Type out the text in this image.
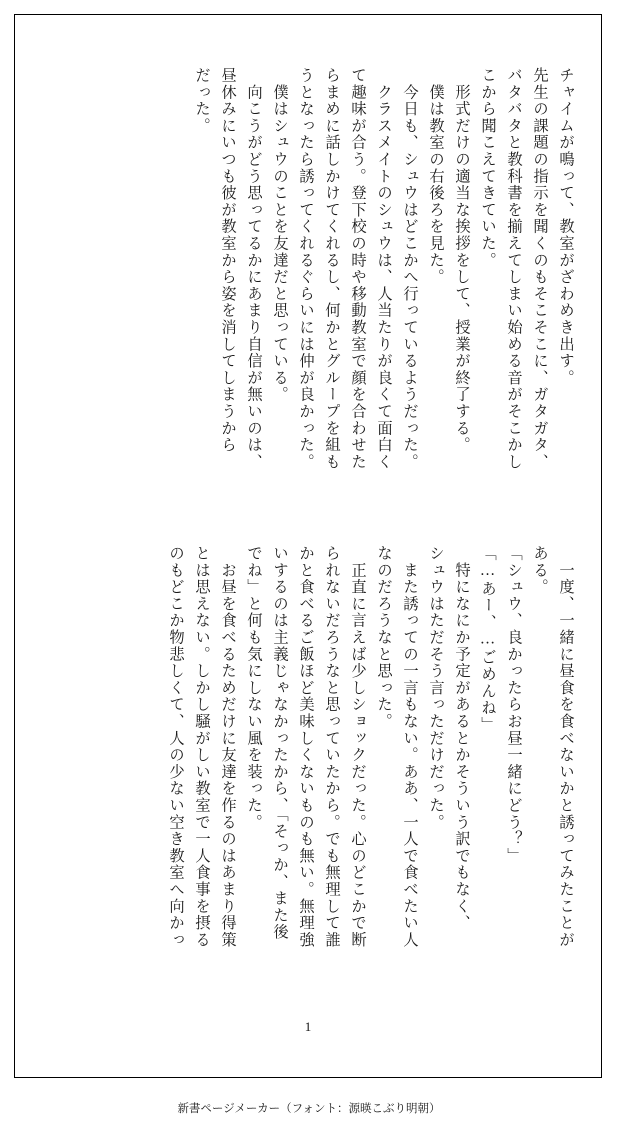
チャイムが鳴って、教室がざわめき出す。
先生の課題の指示を聞くのもそこそこに、ガタガタ、
バタバタと教科書を揃えてしまい始める音がそこかし
こから聞こえてきていた。
　形式だけの適当な挨拶をして、授業が終了する。
　僕は教室の右後ろを見た。
　今日も、シュウはどこかへ行っているようだった。
　クラスメイトのシュウは、人当たりが良くて面白く
て趣味が合う。登下校の時や移動教室で顔を合わせた
らまめに話しかけてくれるし、何かとグループを組も
うとなったら誘ってくれるぐらいには仲が良かった。
　僕はシュウのことを友達だと思っている。
　向こうがどう思ってるかにあまり自信が無いのは、
昼休みにいつも彼が教室から姿を消してしまうから
だった。
　一度、一緒に昼食を食べないかと誘ってみたことが
ある。
「シュウ、良かったらお昼一緒にどう？」
「…あー、…ごめんね」
　特になにか予定があるとかそういう訳でもなく、
シュウはただそう言っただけだった。
　また誘っての一言もない。ああ、一人で食べたい人
なのだろうなと思った。
　正直に言えば少しショックだった。心のどこかで断
られないだろうなと思っていたから。でも無理して誰
かと食べるご飯ほど美味しくないものも無い。無理強
いするのは主義じゃなかったから、「そっか、また後
でね」と何も気にしない風を装った。
　お昼を食べるためだけに友達を作るのはあまり得策
とは思えない。しかし騒がしい教室で一人食事を摂る
のもどこか物悲しくて、人の少ない空き教室へ向かっ
1
新書ページメーカー（フォント：源暎こぶり明朝）
